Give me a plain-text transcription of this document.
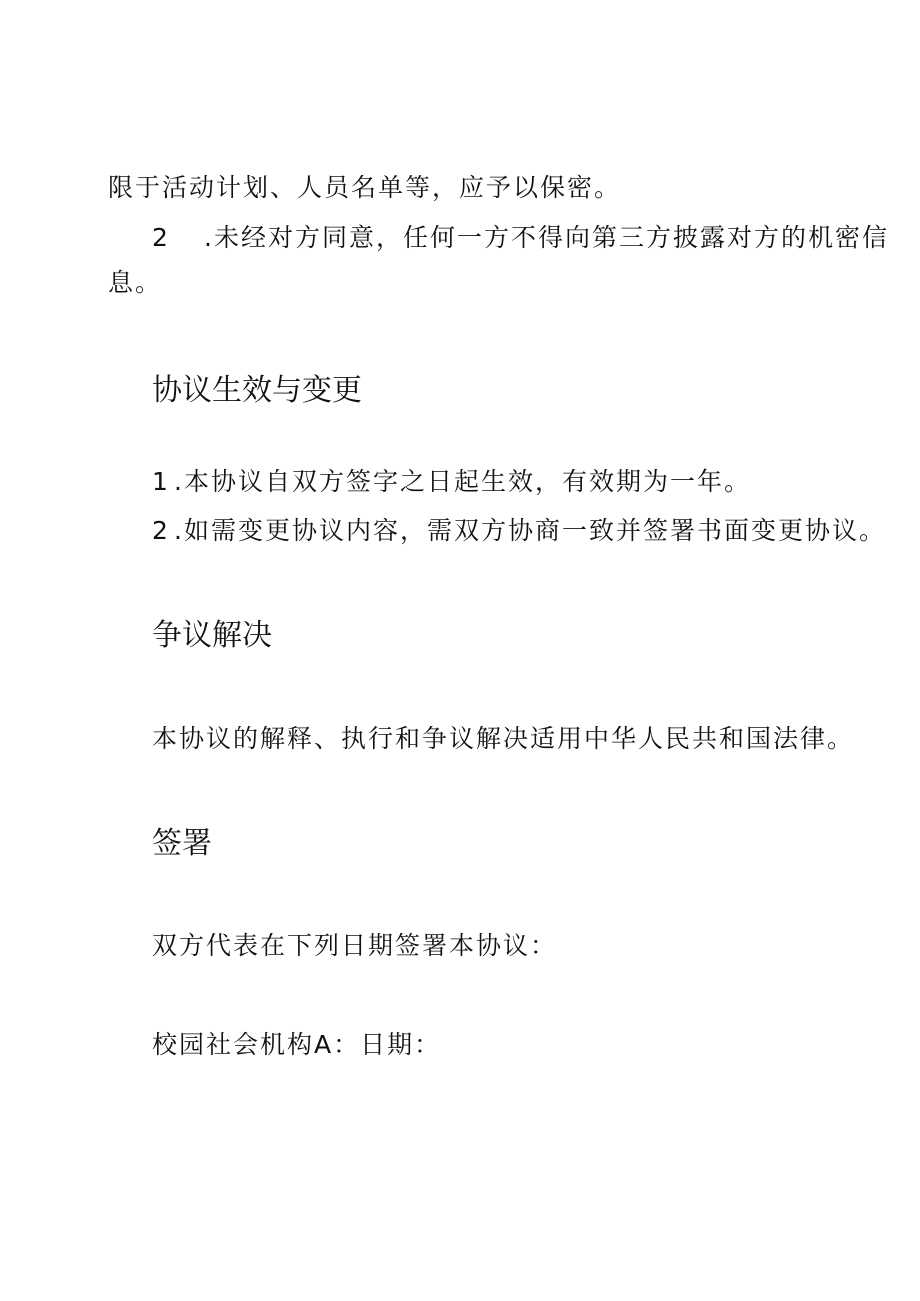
限于活动计划、人员名单等，应予以保密。

2 .未经对方同意，任何一方不得向第三方披露对方的机密信

息。

协议生效与变更

1 .本协议自双方签字之日起生效，有效期为一年。

2 .如需变更协议内容，需双方协商一致并签署书面变更协议。

争议解决

本协议的解释、执行和争议解决适用中华人民共和国法律。

签署

双方代表在下列日期签署本协议：

校园社会机构A：日期：
